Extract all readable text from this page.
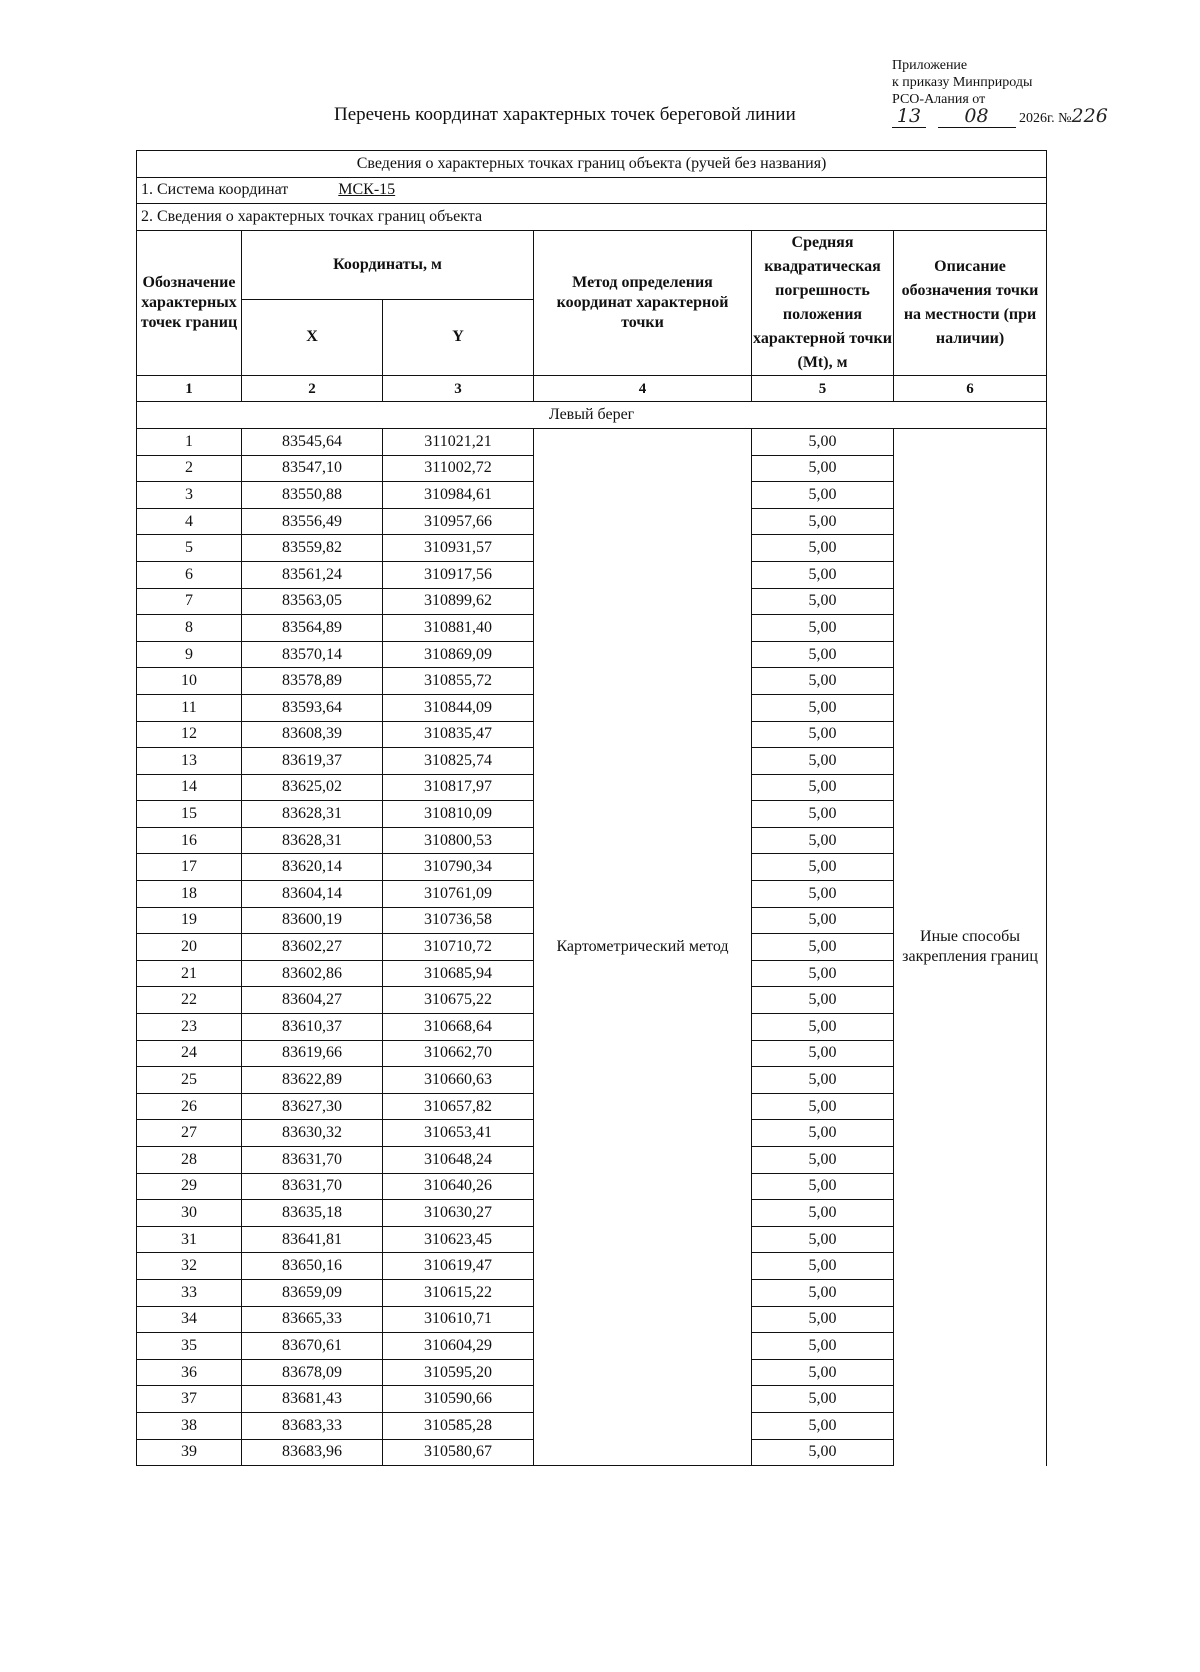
Приложение
к приказу Минприроды
РСО-Алания от
13 08 2026г. №226
Перечень координат характерных точек береговой линии
Сведения о характерных точках границ объекта (ручей без названия)					
1. Система координат МСК-15					
2. Сведения о характерных точках границ объекта					
Обозначение характерных точек границ	Координаты, м		Метод определения координат характерной точки	Средняя квадратическая погрешность положения характерной точки (Mt), м	Описание обозначения точки на местности (при наличии)
	X	Y			
1	2	3	4	5	6
Левый берег					
1	83545,64	311021,21	Картометрический метод	5,00	Иные способы закрепления границ
2	83547,10	311002,72		5,00	
3	83550,88	310984,61		5,00	
4	83556,49	310957,66		5,00	
5	83559,82	310931,57		5,00	
6	83561,24	310917,56		5,00	
7	83563,05	310899,62		5,00	
8	83564,89	310881,40		5,00	
9	83570,14	310869,09		5,00	
10	83578,89	310855,72		5,00	
11	83593,64	310844,09		5,00	
12	83608,39	310835,47		5,00	
13	83619,37	310825,74		5,00	
14	83625,02	310817,97		5,00	
15	83628,31	310810,09		5,00	
16	83628,31	310800,53		5,00	
17	83620,14	310790,34		5,00	
18	83604,14	310761,09		5,00	
19	83600,19	310736,58		5,00	
20	83602,27	310710,72		5,00	
21	83602,86	310685,94		5,00	
22	83604,27	310675,22		5,00	
23	83610,37	310668,64		5,00	
24	83619,66	310662,70		5,00	
25	83622,89	310660,63		5,00	
26	83627,30	310657,82		5,00	
27	83630,32	310653,41		5,00	
28	83631,70	310648,24		5,00	
29	83631,70	310640,26		5,00	
30	83635,18	310630,27		5,00	
31	83641,81	310623,45		5,00	
32	83650,16	310619,47		5,00	
33	83659,09	310615,22		5,00	
34	83665,33	310610,71		5,00	
35	83670,61	310604,29		5,00	
36	83678,09	310595,20		5,00	
37	83681,43	310590,66		5,00	
38	83683,33	310585,28		5,00	
39	83683,96	310580,67		5,00	
